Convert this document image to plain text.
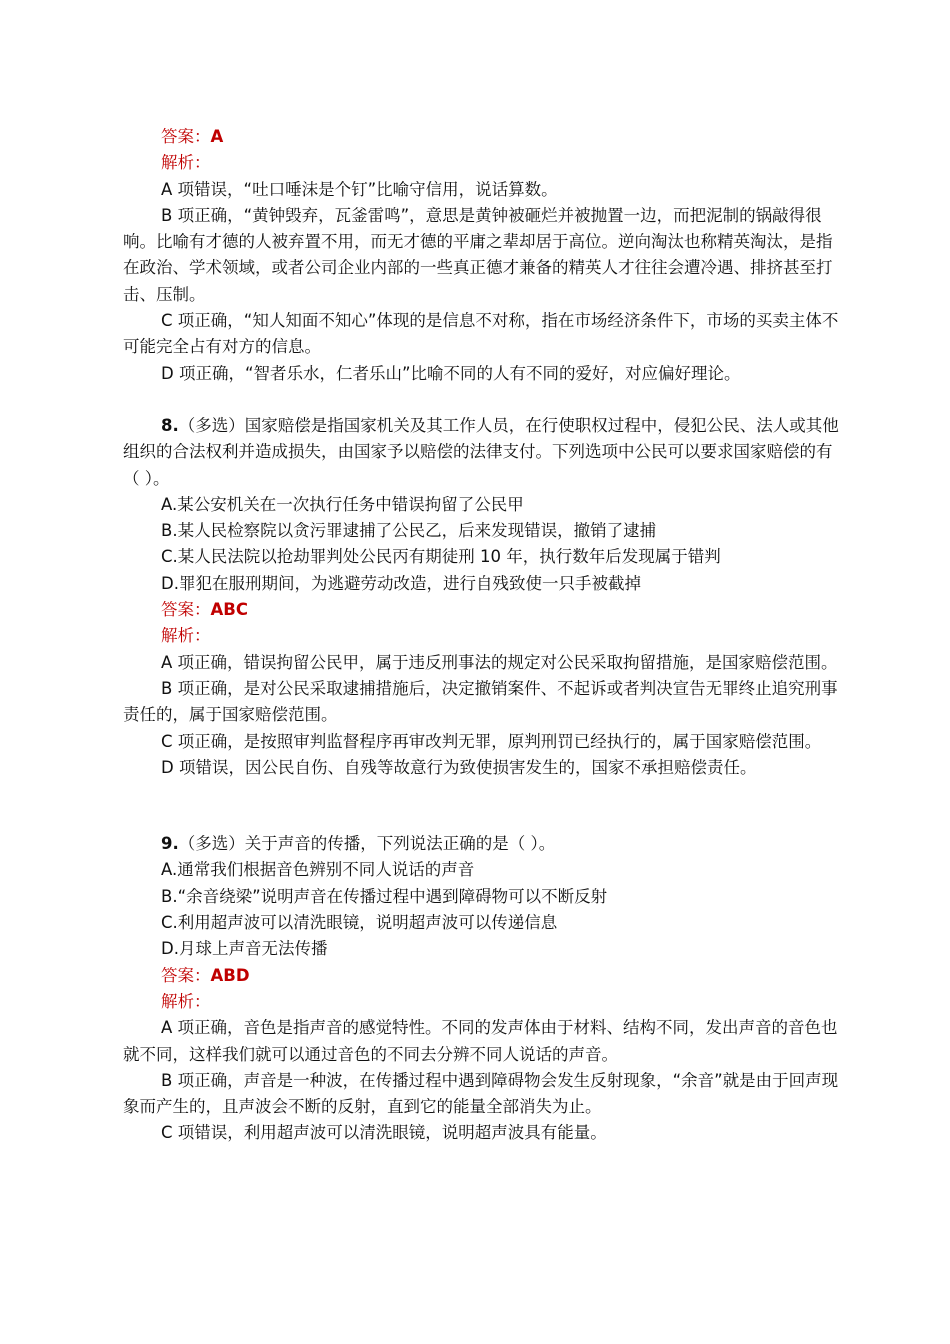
答案：A

解析：

A 项错误，“吐口唾沫是个钉”比喻守信用，说话算数。

B 项正确，“黄钟毁弃，瓦釜雷鸣”，意思是黄钟被砸烂并被抛置一边，而把泥制的锅敲得很响。比喻有才德的人被弃置不用，而无才德的平庸之辈却居于高位。逆向淘汰也称精英淘汰，是指在政治、学术领域，或者公司企业内部的一些真正德才兼备的精英人才往往会遭冷遇、排挤甚至打击、压制。

C 项正确，“知人知面不知心”体现的是信息不对称，指在市场经济条件下，市场的买卖主体不可能完全占有对方的信息。

D 项正确，“智者乐水，仁者乐山”比喻不同的人有不同的爱好，对应偏好理论。

8.（多选）国家赔偿是指国家机关及其工作人员，在行使职权过程中，侵犯公民、法人或其他组织的合法权利并造成损失，由国家予以赔偿的法律支付。下列选项中公民可以要求国家赔偿的有（ ）。

A.某公安机关在一次执行任务中错误拘留了公民甲

B.某人民检察院以贪污罪逮捕了公民乙，后来发现错误，撤销了逮捕

C.某人民法院以抢劫罪判处公民丙有期徒刑 10 年，执行数年后发现属于错判

D.罪犯在服刑期间，为逃避劳动改造，进行自残致使一只手被截掉

答案：ABC

解析：

A 项正确，错误拘留公民甲，属于违反刑事法的规定对公民采取拘留措施，是国家赔偿范围。

B 项正确，是对公民采取逮捕措施后，决定撤销案件、不起诉或者判决宣告无罪终止追究刑事责任的，属于国家赔偿范围。

C 项正确，是按照审判监督程序再审改判无罪，原判刑罚已经执行的，属于国家赔偿范围。

D 项错误，因公民自伤、自残等故意行为致使损害发生的，国家不承担赔偿责任。

9.（多选）关于声音的传播，下列说法正确的是（ ）。

A.通常我们根据音色辨别不同人说话的声音

B.“余音绕梁”说明声音在传播过程中遇到障碍物可以不断反射

C.利用超声波可以清洗眼镜，说明超声波可以传递信息

D.月球上声音无法传播

答案：ABD

解析：

A 项正确，音色是指声音的感觉特性。不同的发声体由于材料、结构不同，发出声音的音色也就不同，这样我们就可以通过音色的不同去分辨不同人说话的声音。

B 项正确，声音是一种波，在传播过程中遇到障碍物会发生反射现象，“余音”就是由于回声现象而产生的，且声波会不断的反射，直到它的能量全部消失为止。

C 项错误，利用超声波可以清洗眼镜，说明超声波具有能量。
